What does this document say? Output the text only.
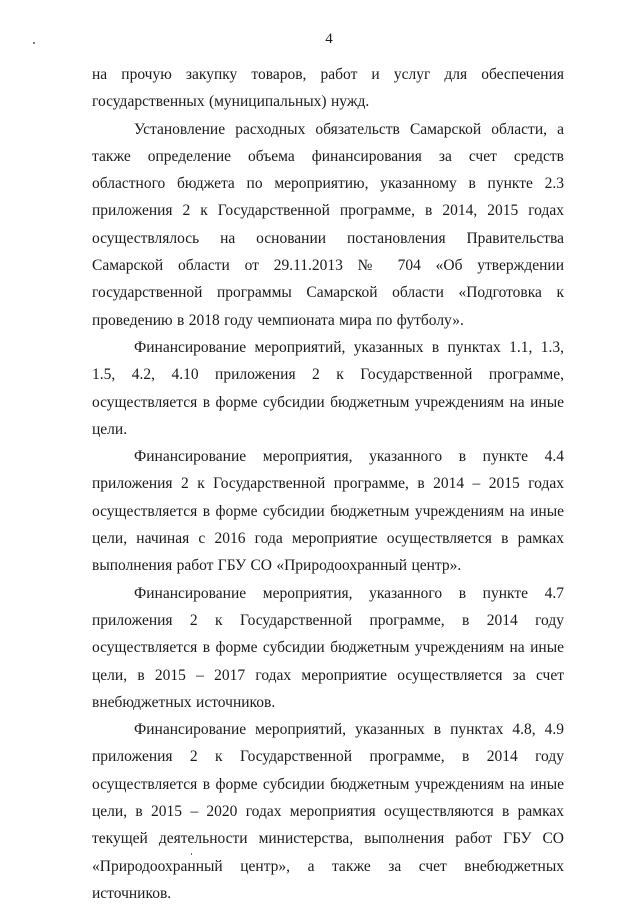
4

на прочую закупку товаров, работ и услуг для обеспечения государственных (муниципальных) нужд.

Установление расходных обязательств Самарской области, а также определение объема финансирования за счет средств областного бюджета по мероприятию, указанному в пункте 2.3 приложения 2 к Государственной программе, в 2014, 2015 годах осуществлялось на основании постановления Правительства Самарской области от 29.11.2013 № 704 «Об утверждении государственной программы Самарской области «Подготовка к проведению в 2018 году чемпионата мира по футболу».

Финансирование мероприятий, указанных в пунктах 1.1, 1.3, 1.5, 4.2, 4.10 приложения 2 к Государственной программе, осуществляется в форме субсидии бюджетным учреждениям на иные цели.

Финансирование мероприятия, указанного в пункте 4.4 приложения 2 к Государственной программе, в 2014 – 2015 годах осуществляется в форме субсидии бюджетным учреждениям на иные цели, начиная с 2016 года мероприятие осуществляется в рамках выполнения работ ГБУ СО «Природоохранный центр».

Финансирование мероприятия, указанного в пункте 4.7 приложения 2 к Государственной программе, в 2014 году осуществляется в форме субсидии бюджетным учреждениям на иные цели, в 2015 – 2017 годах мероприятие осуществляется за счет внебюджетных источников.

Финансирование мероприятий, указанных в пунктах 4.8, 4.9 приложения 2 к Государственной программе, в 2014 году осуществляется в форме субсидии бюджетным учреждениям на иные цели, в 2015 – 2020 годах мероприятия осуществляются в рамках текущей деятельности министерства, выполнения работ ГБУ СО «Природоохранный центр», а также за счет внебюджетных источников.
